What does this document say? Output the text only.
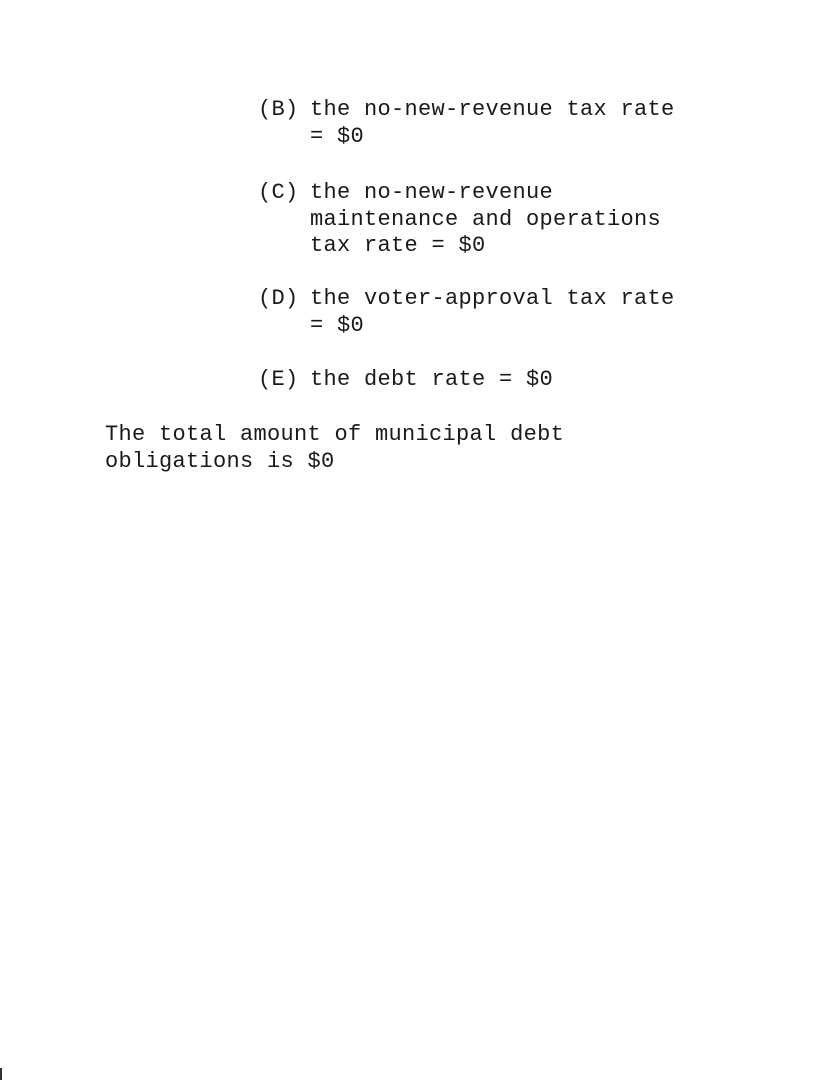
(B) the no-new-revenue tax rate
= $0
(C) the no-new-revenue
maintenance and operations
tax rate = $0
(D) the voter-approval tax rate
= $0
(E) the debt rate = $0
The total amount of municipal debt
obligations is $0
